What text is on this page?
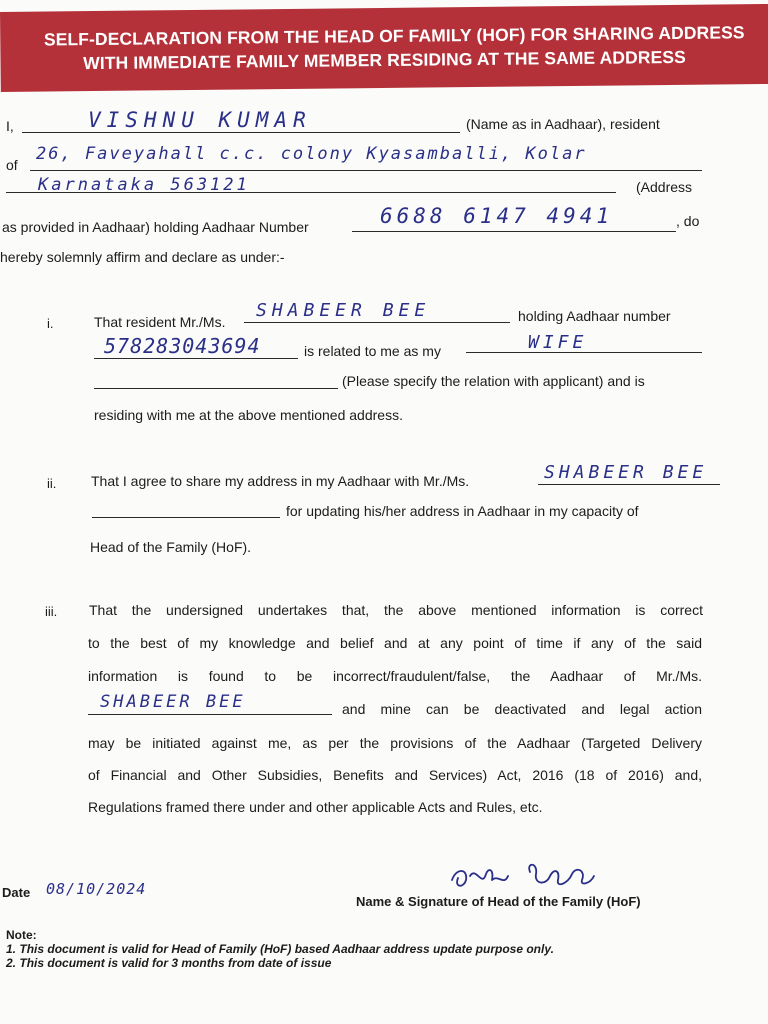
SELF-DECLARATION FROM THE HEAD OF FAMILY (HOF) FOR SHARING ADDRESS
WITH IMMEDIATE FAMILY MEMBER RESIDING AT THE SAME ADDRESS
I,	VISHNU KUMAR	(Name as in Aadhaar), resident
of
26, Faveyahall c.c. colony Kyasamballi, Kolar
Karnataka 563121	(Address
as provided in Aadhaar) holding Aadhaar Number	6688 6147 4941	, do
hereby solemnly affirm and declare as under:-
i.	That resident Mr./Ms.
SHABEER BEE	holding Aadhaar number
578283043694	is related to me as my	WIFE
(Please specify the relation with applicant) and is
residing with me at the above mentioned address.
ii. That I agree to share my address in my Aadhaar with Mr./Ms.	SHABEER BEE
for updating his/her address in Aadhaar in my capacity of
Head of the Family (HoF).
iii. That the undersigned undertakes that, the above mentioned information is correct
to the best of my knowledge and belief and at any point of time if any of the said
information is found to be incorrect/fraudulent/false, the Aadhaar of Mr./Ms.
SHABEER BEE	and mine can be deactivated and legal action
may be initiated against me, as per the provisions of the Aadhaar (Targeted Delivery
of Financial and Other Subsidies, Benefits and Services) Act, 2016 (18 of 2016) and,
Regulations framed there under and other applicable Acts and Rules, etc.
Date 08/10/2024
Name & Signature of Head of the Family (HoF)
Note:
1. This document is valid for Head of Family (HoF) based Aadhaar address update purpose only.
2. This document is valid for 3 months from date of issue
